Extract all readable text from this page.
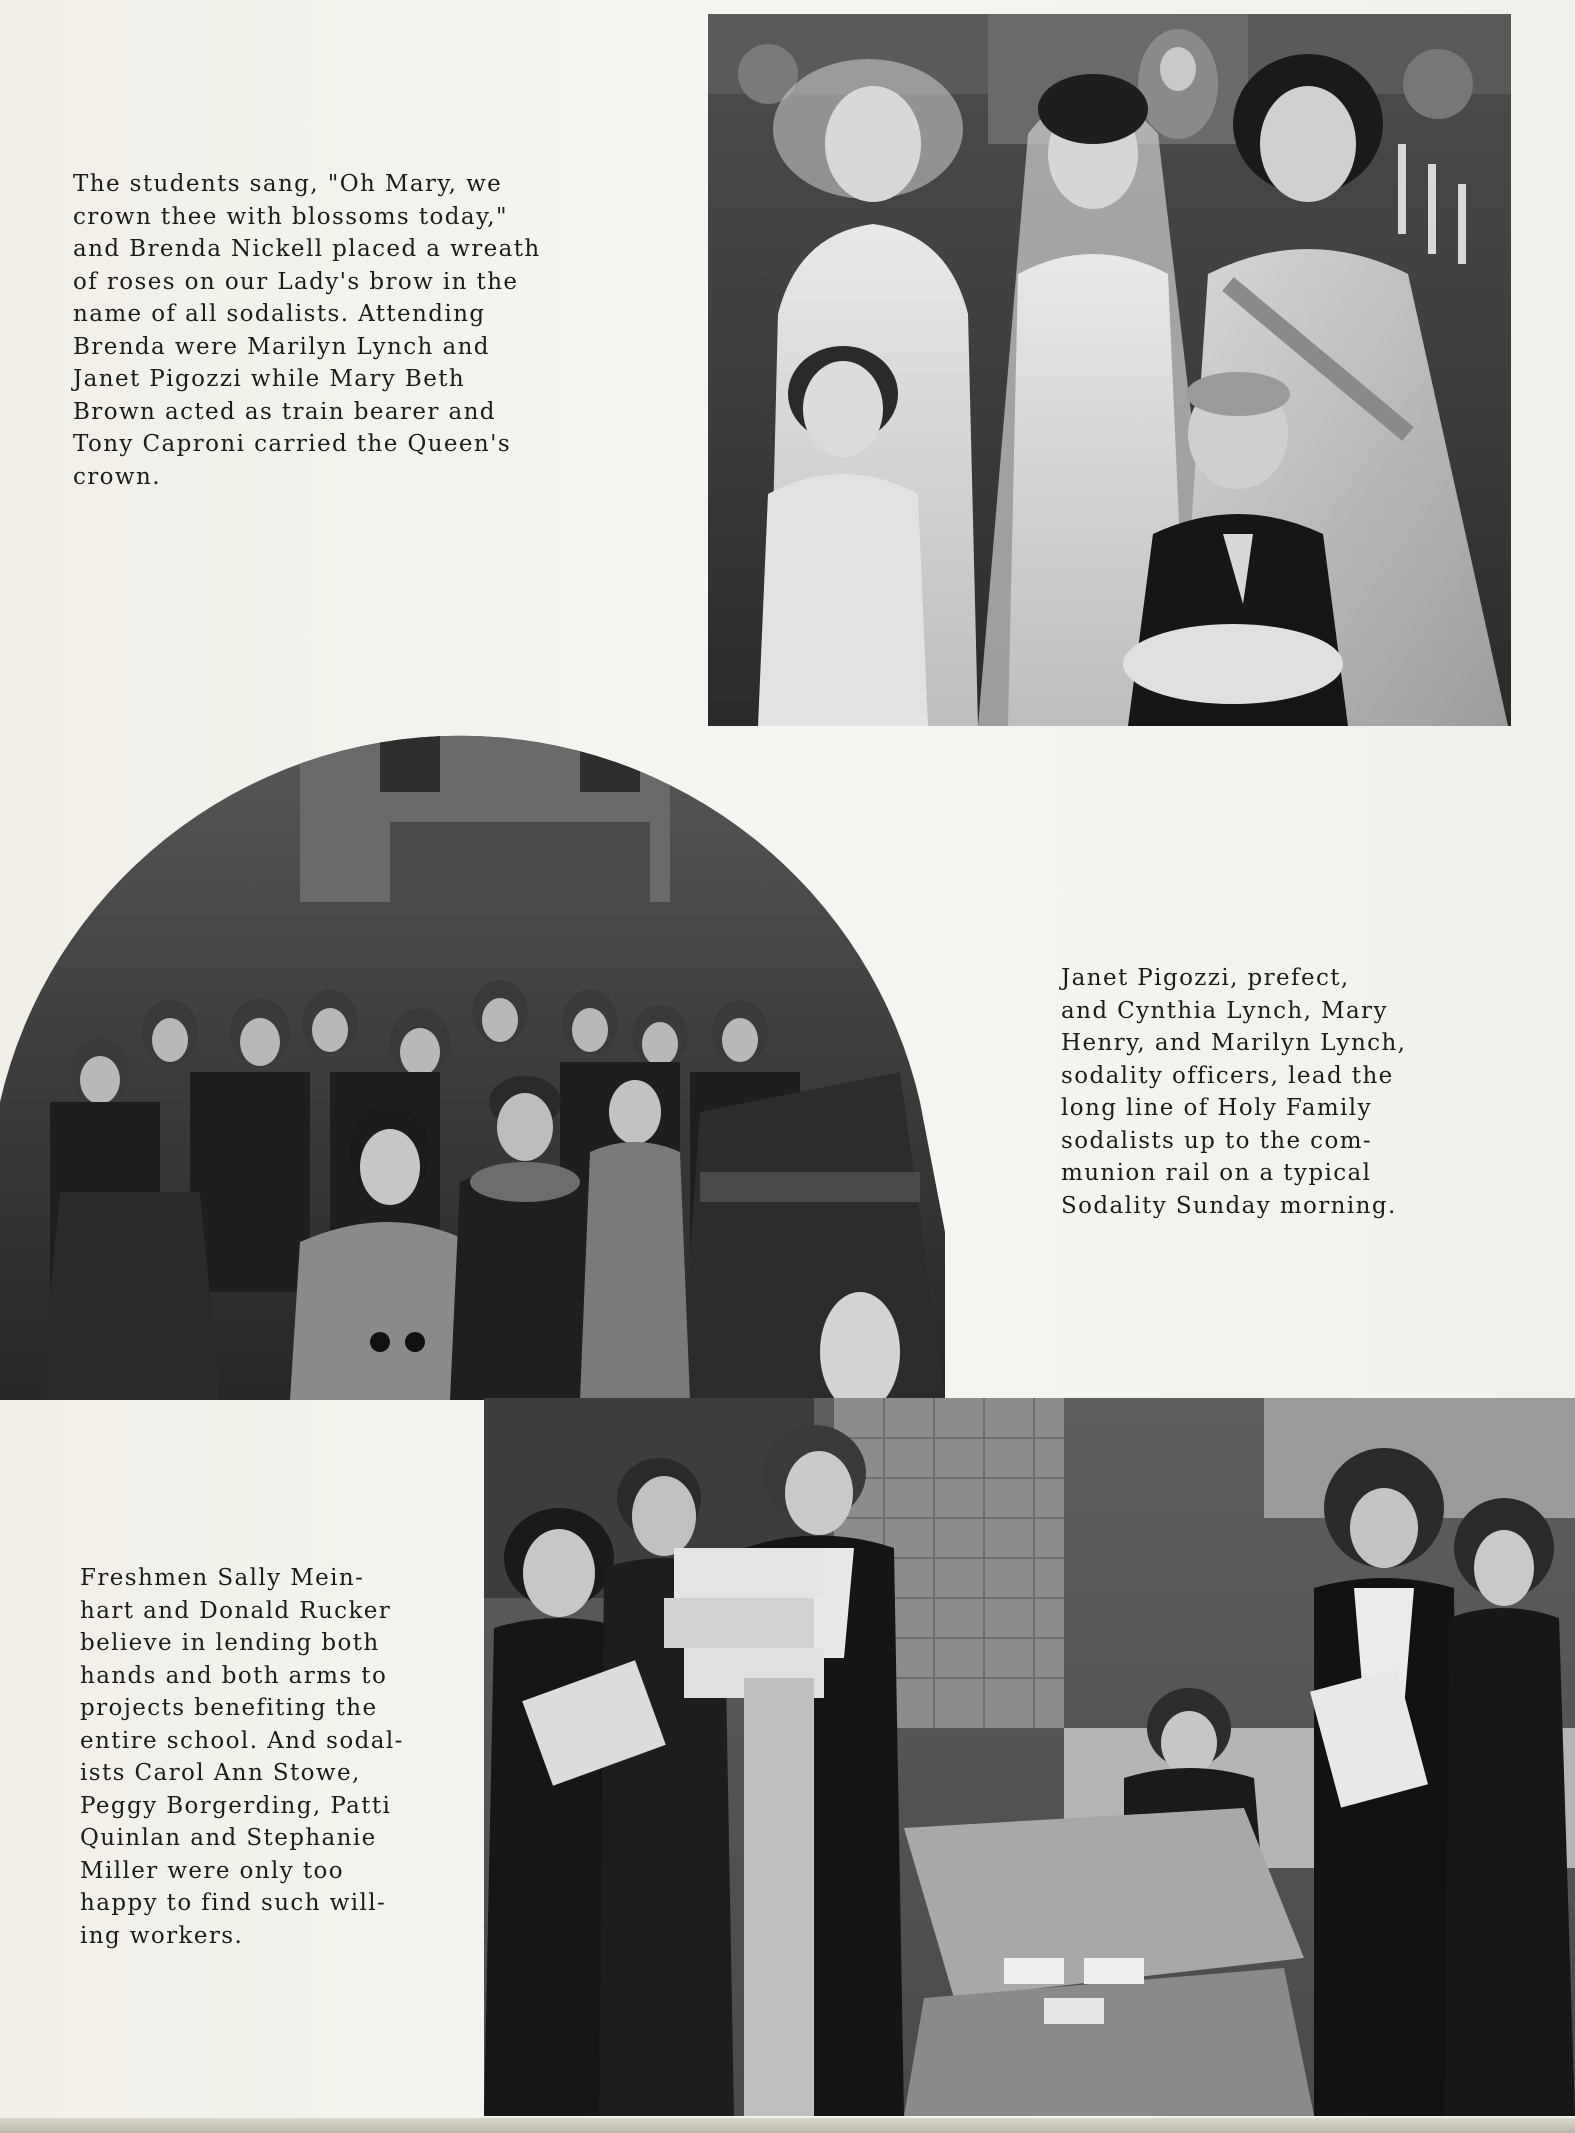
The students sang, "Oh Mary, we
crown thee with blossoms today,"
and Brenda Nickell placed a wreath
of roses on our Lady's brow in the
name of all sodalists. Attending
Brenda were Marilyn Lynch and
Janet Pigozzi while Mary Beth
Brown acted as train bearer and
Tony Caproni carried the Queen's
crown.

Janet Pigozzi, prefect,
and Cynthia Lynch, Mary
Henry, and Marilyn Lynch,
sodality officers, lead the
long line of Holy Family
sodalists up to the com-
munion rail on a typical
Sodality Sunday morning.

Freshmen Sally Mein-
hart and Donald Rucker
believe in lending both
hands and both arms to
projects benefiting the
entire school. And sodal-
ists Carol Ann Stowe,
Peggy Borgerding, Patti
Quinlan and Stephanie
Miller were only too
happy to find such will-
ing workers.
